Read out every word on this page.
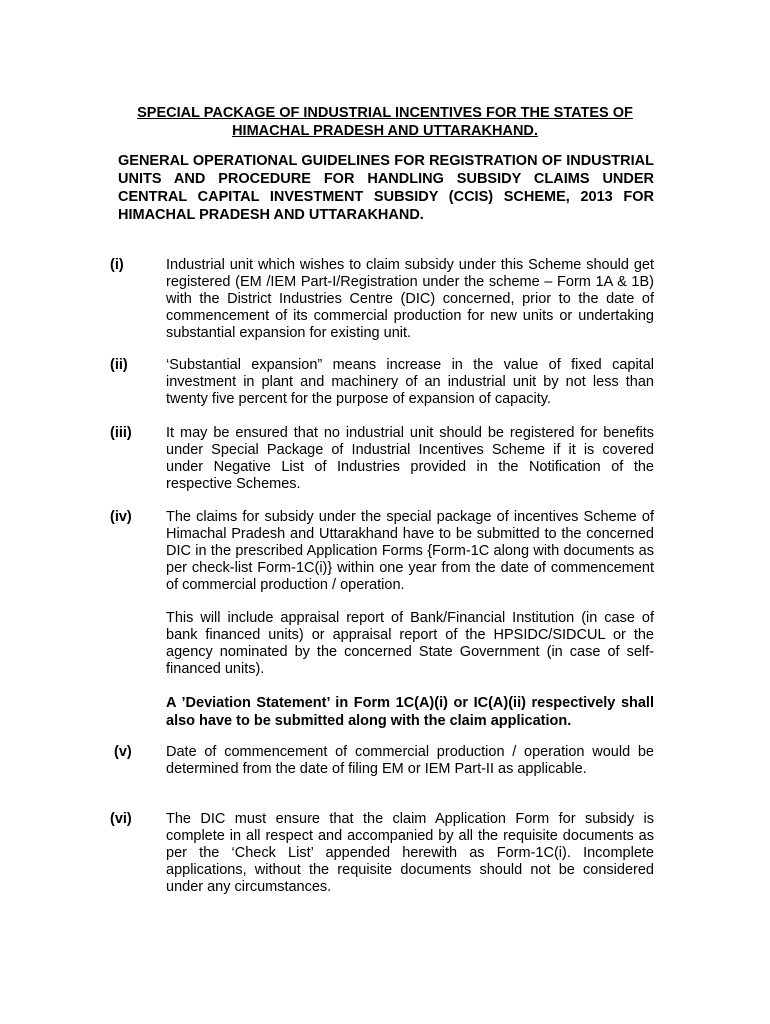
SPECIAL PACKAGE OF INDUSTRIAL INCENTIVES FOR THE STATES OF
HIMACHAL PRADESH AND UTTARAKHAND.
GENERAL OPERATIONAL GUIDELINES FOR REGISTRATION OF INDUSTRIAL UNITS AND PROCEDURE FOR HANDLING SUBSIDY CLAIMS UNDER CENTRAL CAPITAL INVESTMENT SUBSIDY (CCIS) SCHEME, 2013 FOR HIMACHAL PRADESH AND UTTARAKHAND.
(i)	Industrial unit which wishes to claim subsidy under this Scheme should get registered (EM /IEM Part-I/Registration under the scheme – Form 1A & 1B) with the District Industries Centre (DIC) concerned, prior to the date of commencement of its commercial production for new units or undertaking substantial expansion for existing unit.
(ii)	‘Substantial expansion” means increase in the value of fixed capital investment in plant and machinery of an industrial unit by not less than twenty five percent for the purpose of expansion of capacity.
(iii) It may be ensured that no industrial unit should be registered for benefits under Special Package of Industrial Incentives Scheme if it is covered under Negative List of Industries provided in the Notification of the respective Schemes.
(iv) The claims for subsidy under the special package of incentives Scheme of Himachal Pradesh and Uttarakhand have to be submitted to the concerned DIC in the prescribed Application Forms {Form-1C along with documents as per check-list Form-1C(i)} within one year from the date of commencement of commercial production / operation.
This will include appraisal report of Bank/Financial Institution (in case of bank financed units) or appraisal report of the HPSIDC/SIDCUL or the agency nominated by the concerned State Government (in case of self-financed units).
A ’Deviation Statement’ in Form 1C(A)(i) or IC(A)(ii) respectively shall also have to be submitted along with the claim application.
(v) Date of commencement of commercial production / operation would be determined from the date of filing EM or IEM Part-II as applicable.
(vi) The DIC must ensure that the claim Application Form for subsidy is complete in all respect and accompanied by all the requisite documents as per the ‘Check List’ appended herewith as Form-1C(i). Incomplete applications, without the requisite documents should not be considered under any circumstances.
